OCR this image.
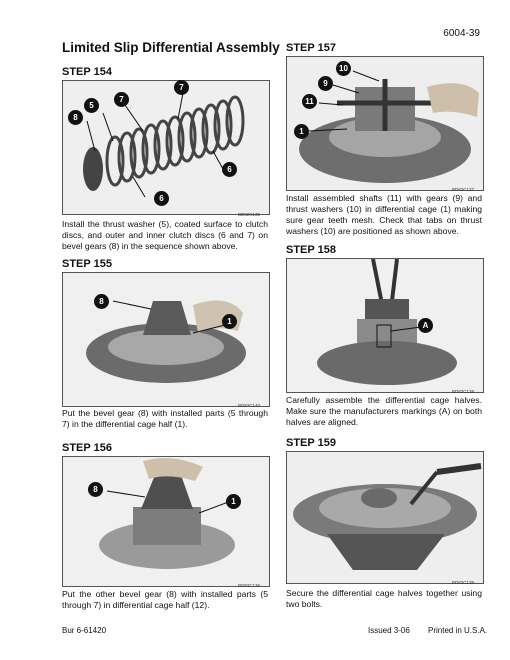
6004-39
Limited Slip Differential Assembly
STEP 154
8
5
7
7
6
6
BD82C135
Install the thrust washer (5), coated surface to clutch discs, and outer and inner clutch discs (6 and 7) on bevel gears (8) in the sequence shown above.
STEP 155
8
1
BD82C140
Put the bevel gear (8) with installed parts (5 through 7) in the differential cage half (1).
STEP 156
8
1
BD82C136
Put the other bevel gear (8) with installed parts (5 through 7) in differential cage half (12).
STEP 157
10
9
11
1
BD82C137
Install assembled shafts (11) with gears (9) and thrust washers (10) in differential cage (1) making sure gear teeth mesh. Check that tabs on thrust washers (10) are positioned as shown above.
STEP 158
A
BD82C138
Carefully assemble the differential cage halves. Make sure the manufacturers markings (A) on both halves are aligned.
STEP 159
BD82C139
Secure the differential cage halves together using two bolts.
Bur 6-61420	Issued 3-06 Printed in U.S.A.
